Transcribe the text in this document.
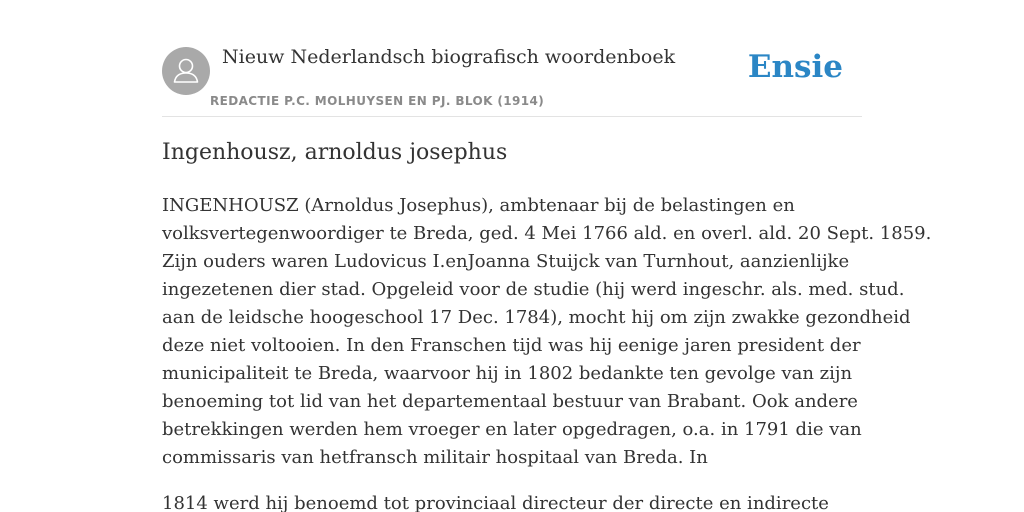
Nieuw Nederlandsch biografisch woordenboek
REDACTIE P.C. MOLHUYSEN EN PJ. BLOK (1914)
Ensie
Ingenhousz, arnoldus josephus
INGENHOUSZ (Arnoldus Josephus), ambtenaar bij de belastingen en
volksvertegenwoordiger te Breda, ged. 4 Mei 1766 ald. en overl. ald. 20 Sept. 1859.
Zijn ouders waren Ludovicus I.enJoanna Stuijck van Turnhout, aanzienlijke
ingezetenen dier stad. Opgeleid voor de studie (hij werd ingeschr. als. med. stud.
aan de leidsche hoogeschool 17 Dec. 1784), mocht hij om zijn zwakke gezondheid
deze niet voltooien. In den Franschen tijd was hij eenige jaren president der
municipaliteit te Breda, waarvoor hij in 1802 bedankte ten gevolge van zijn
benoeming tot lid van het departementaal bestuur van Brabant. Ook andere
betrekkingen werden hem vroeger en later opgedragen, o.a. in 1791 die van
commissaris van hetfransch militair hospitaal van Breda. In
1814 werd hij benoemd tot provinciaal directeur der directe en indirecte
